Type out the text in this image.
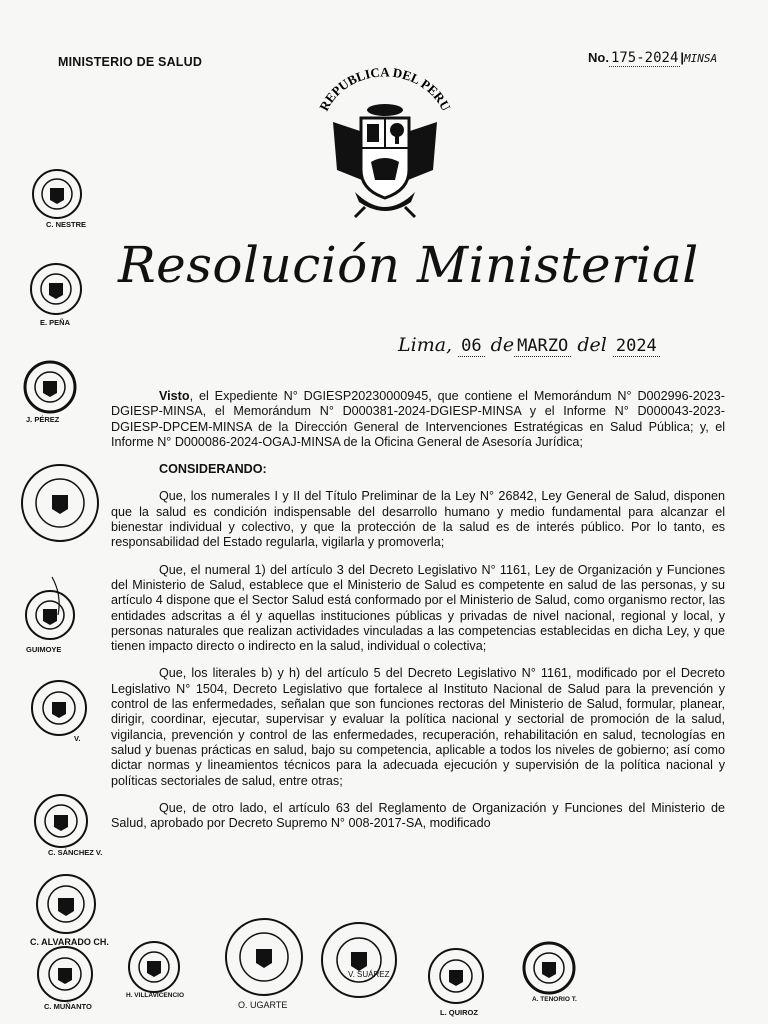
MINISTERIO DE SALUD	No. 175-2024 |MINSA
REPUBLICA DEL PERU
Resolución Ministerial
Lima, 06 de MARZO del 2024

Visto, el Expediente N° DGIESP20230000945, que contiene el Memorándum N° D002996-2023-DGIESP-MINSA, el Memorándum N° D000381-2024-DGIESP-MINSA y el Informe N° D000043-2023-DGIESP-DPCEM-MINSA de la Dirección General de Intervenciones Estratégicas en Salud Pública; y, el Informe N° D000086-2024-OGAJ-MINSA de la Oficina General de Asesoría Jurídica;

CONSIDERANDO:

Que, los numerales I y II del Título Preliminar de la Ley N° 26842, Ley General de Salud, disponen que la salud es condición indispensable del desarrollo humano y medio fundamental para alcanzar el bienestar individual y colectivo, y que la protección de la salud es de interés público. Por lo tanto, es responsabilidad del Estado regularla, vigilarla y promoverla;

Que, el numeral 1) del artículo 3 del Decreto Legislativo N° 1161, Ley de Organización y Funciones del Ministerio de Salud, establece que el Ministerio de Salud es competente en salud de las personas, y su artículo 4 dispone que el Sector Salud está conformado por el Ministerio de Salud, como organismo rector, las entidades adscritas a él y aquellas instituciones públicas y privadas de nivel nacional, regional y local, y personas naturales que realizan actividades vinculadas a las competencias establecidas en dicha Ley, y que tienen impacto directo o indirecto en la salud, individual o colectiva;

Que, los literales b) y h) del artículo 5 del Decreto Legislativo N° 1161, modificado por el Decreto Legislativo N° 1504, Decreto Legislativo que fortalece al Instituto Nacional de Salud para la prevención y control de las enfermedades, señalan que son funciones rectoras del Ministerio de Salud, formular, planear, dirigir, coordinar, ejecutar, supervisar y evaluar la política nacional y sectorial de promoción de la salud, vigilancia, prevención y control de las enfermedades, recuperación, rehabilitación en salud, tecnologías en salud y buenas prácticas en salud, bajo su competencia, aplicable a todos los niveles de gobierno; así como dictar normas y lineamientos técnicos para la adecuada ejecución y supervisión de la política nacional y políticas sectoriales de salud, entre otras;

Que, de otro lado, el artículo 63 del Reglamento de Organización y Funciones del Ministerio de Salud, aprobado por Decreto Supremo N° 008-2017-SA, modificado

C. NESTRE
E. PEÑA
J. PÉREZ
GUIMOYE
V.
C. SÁNCHEZ V.
C. ALVARADO CH.
C. MUÑANTO
H. VILLAVICENCIO
O. UGARTE
V. SUÁREZ
L. QUIROZ
A. TENORIO T.
